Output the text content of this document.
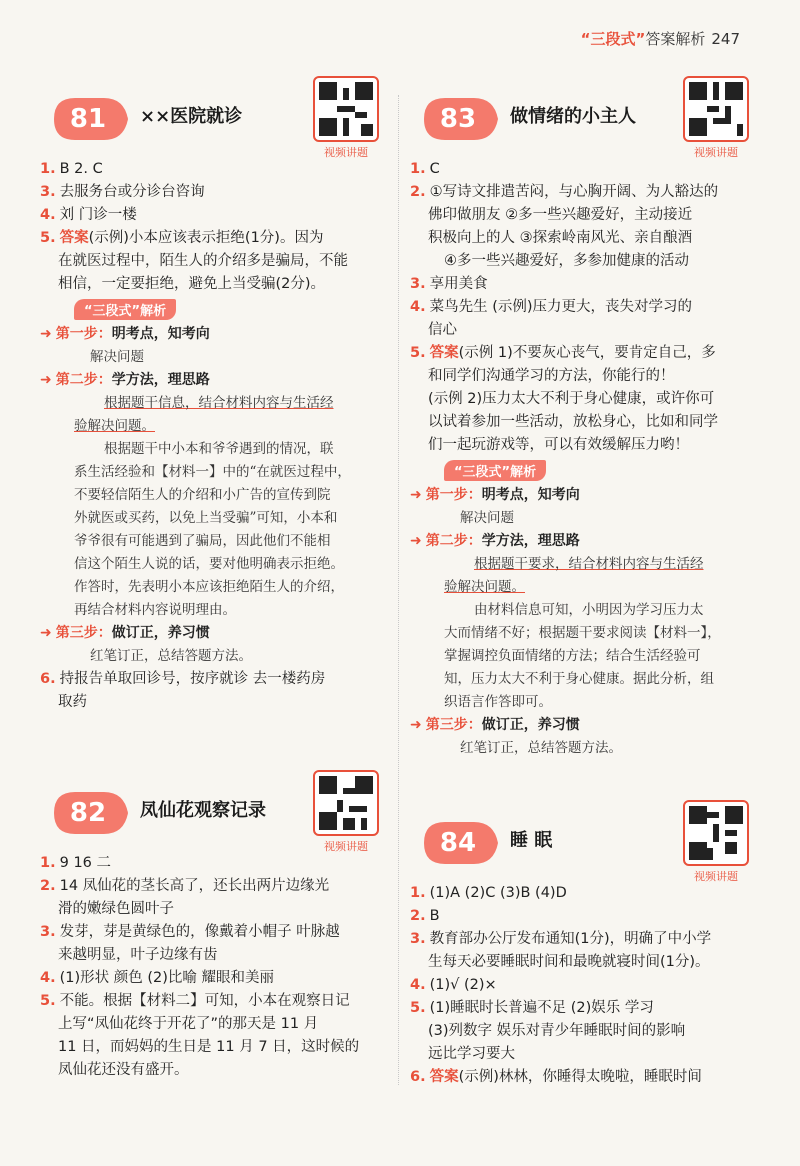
“三段式”答案解析 247
81	××医院就诊
视频讲题
1. B 2. C
3. 去服务台或分诊台咨询
4. 刘 门诊一楼
5. 答案(示例)小本应该表示拒绝(1分)。因为
在就医过程中，陌生人的介绍多是骗局，不能
相信，一定要拒绝，避免上当受骗(2分)。
“三段式”解析
➜ 第一步：明考点，知考向
解决问题
➜ 第二步：学方法，理思路
根据题干信息，结合材料内容与生活经
验解决问题。
根据题干中小本和爷爷遇到的情况，联
系生活经验和【材料一】中的“在就医过程中，
不要轻信陌生人的介绍和小广告的宣传到院
外就医或买药，以免上当受骗”可知，小本和
爷爷很有可能遇到了骗局，因此他们不能相
信这个陌生人说的话，要对他明确表示拒绝。
作答时，先表明小本应该拒绝陌生人的介绍，
再结合材料内容说明理由。
➜ 第三步：做订正，养习惯
红笔订正，总结答题方法。
6. 持报告单取回诊号，按序就诊 去一楼药房
取药
82	凤仙花观察记录
视频讲题
1. 9 16 二
2. 14 凤仙花的茎长高了，还长出两片边缘光
滑的嫩绿色圆叶子
3. 发芽，芽是黄绿色的，像戴着小帽子 叶脉越
来越明显，叶子边缘有齿
4. (1)形状 颜色 (2)比喻 耀眼和美丽
5. 不能。根据【材料二】可知，小本在观察日记
上写“凤仙花终于开花了”的那天是 11 月
11 日，而妈妈的生日是 11 月 7 日，这时候的
凤仙花还没有盛开。
83	做情绪的小主人
视频讲题
1. C
2. ①写诗文排遣苦闷，与心胸开阔、为人豁达的
佛印做朋友 ②多一些兴趣爱好，主动接近
积极向上的人 ③探索岭南风光、亲自酿酒
④多一些兴趣爱好，多参加健康的活动
3. 享用美食
4. 菜鸟先生 (示例)压力更大，丧失对学习的
信心
5. 答案(示例 1)不要灰心丧气，要肯定自己，多
和同学们沟通学习的方法，你能行的！
(示例 2)压力太大不利于身心健康，或许你可
以试着参加一些活动，放松身心，比如和同学
们一起玩游戏等，可以有效缓解压力哟！
“三段式”解析
➜ 第一步：明考点，知考向
解决问题
➜ 第二步：学方法，理思路
根据题干要求，结合材料内容与生活经
验解决问题。
由材料信息可知，小明因为学习压力太
大而情绪不好；根据题干要求阅读【材料一】，
掌握调控负面情绪的方法；结合生活经验可
知，压力太大不利于身心健康。据此分析，组
织语言作答即可。
➜ 第三步：做订正，养习惯
红笔订正，总结答题方法。
84	睡 眠
视频讲题
1. (1)A (2)C (3)B (4)D
2. B
3. 教育部办公厅发布通知(1分)，明确了中小学
生每天必要睡眠时间和最晚就寝时间(1分)。
4. (1)√ (2)×
5. (1)睡眠时长普遍不足 (2)娱乐 学习
(3)列数字 娱乐对青少年睡眠时间的影响
远比学习要大
6. 答案(示例)林林，你睡得太晚啦，睡眠时间
